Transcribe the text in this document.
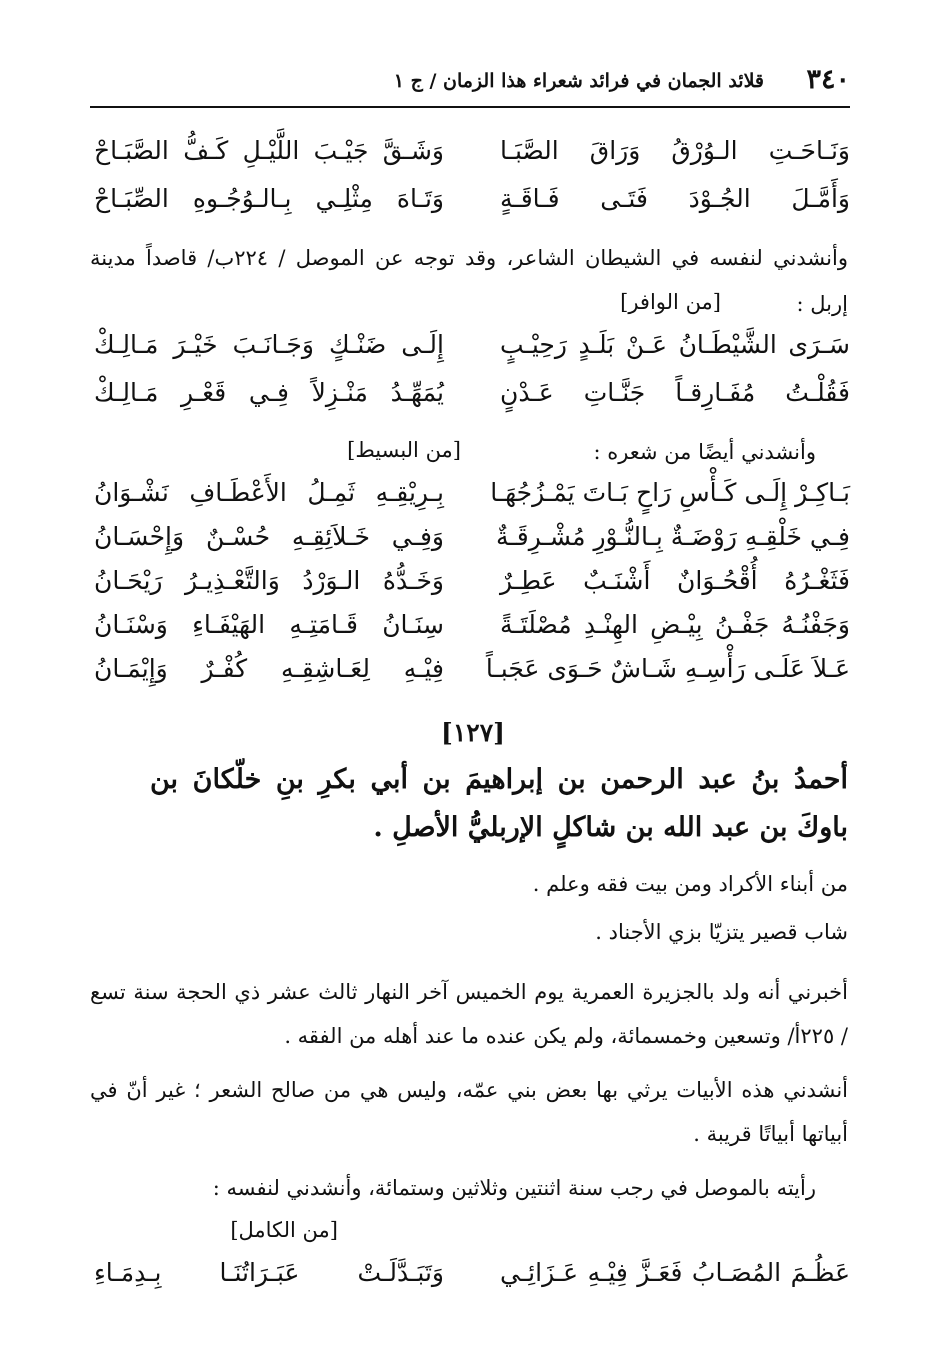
٣٤٠
قلائد الجمان في فرائد شعراء هذا الزمان / ج ١
وَنَـاحَـتِ الـوُرْقُ وَرَاقَ الصَّبَـا
وَشَـقَّ جَيْـبَ اللَّيْـلِ كَـفُّ الصَّبَـاحْ
وَأَمَّـلَ الجُـوْدَ فَتَـى فَـاقَـةٍ
وَتَـاهَ مِثْلِـي بِـالـوُجُـوهِ الصِّبَـاحْ
وأنشدني لنفسه في الشيطان الشاعر، وقد توجه عن الموصل / ٢٢٤ب/ قاصداً مدينة
إربل :
[من الوافر]
سَـرَى الشَّيْطَـانُ عَـنْ بَلَـدٍ رَحِيْـبٍ
إِلَـى ضَنْـكٍ وَجَـانَـبَ خَيْـرَ مَـالِـكْ
فَقُلْـتُ مُفَـارِقـاً جَنَّـاتِ عَـدْنٍ
يُمَهِّـدُ مَنْـزِلاً فِـي قَعْـرِ مَـالِـكْ
وأنشدني أيضًا من شعره :
[من البسيط]
بَـاكِـرْ إِلَـى كَـأْسِ رَاحٍ بَـاتَ يَمْـزُجُهَـا
بِـرِيْقِـهِ ثَمِـلُ الأَعْطَـافِ نَشْـوَانُ
فِـي خَلْقِـهِ رَوْضَـةٌ بِـالنُّـوْرِ مُشْـرِقَـةٌ
وَفِـي خَـلاَئِقِـهِ حُسْـنٌ وَإِحْسَـانُ
فَثَغْـرُهُ أُقْحُـوَانٌ أَشْنَـبٌ عَطِـرٌ
وَخَـدُّهُ الـوَرْدُ وَالتَّعْـذِيـرُ رَيْحَـانُ
وَجَفْنُـهُ جَفْـنُ بِيْـضِ الهِنْـدِ مُصْلَتَـةً
سِنَـانُ قَـامَتِـهِ الهَيْفَـاءِ وَسْنَـانُ
عَـلاَ عَلَـى رَأْسِـهِ شَـاشٌ حَـوَى عَجَبـاً
فِيْـهِ لِعَـاشِقِـهِ كُفْـرٌ وَإِيْمَـانُ
[١٢٧]
أحمدُ بنُ عبد الرحمن بن إبراهيمَ بن أبي بكرِ بنِ خلّكانَ بن باوكَ بن عبد الله بن شاكلٍ الإربليُّ الأصلِ .
من أبناء الأكراد ومن بيت فقه وعلم .
شاب قصير يتزيّا بزي الأجناد .
أخبرني أنه ولد بالجزيرة العمرية يوم الخميس آخر النهار ثالث عشر ذي الحجة سنة تسع / ٢٢٥أ/ وتسعين وخمسمائة، ولم يكن عنده ما عند أهله من الفقه .
أنشدني هذه الأبيات يرثي بها بعض بني عمّه، وليس هي من صالح الشعر ؛ غير أنّ في أبياتها أبياتًا قريبة .
رأيته بالموصل في رجب سنة اثنتين وثلاثين وستمائة، وأنشدني لنفسه :
[من الكامل]
عَظُـمَ المُصَـابُ فَعَـزَّ فِيْـهِ عَـزَائِـي
وَتَبَـدَّلَـتْ عَبَـرَاتُنَـا بِـدِمَـاءِ
